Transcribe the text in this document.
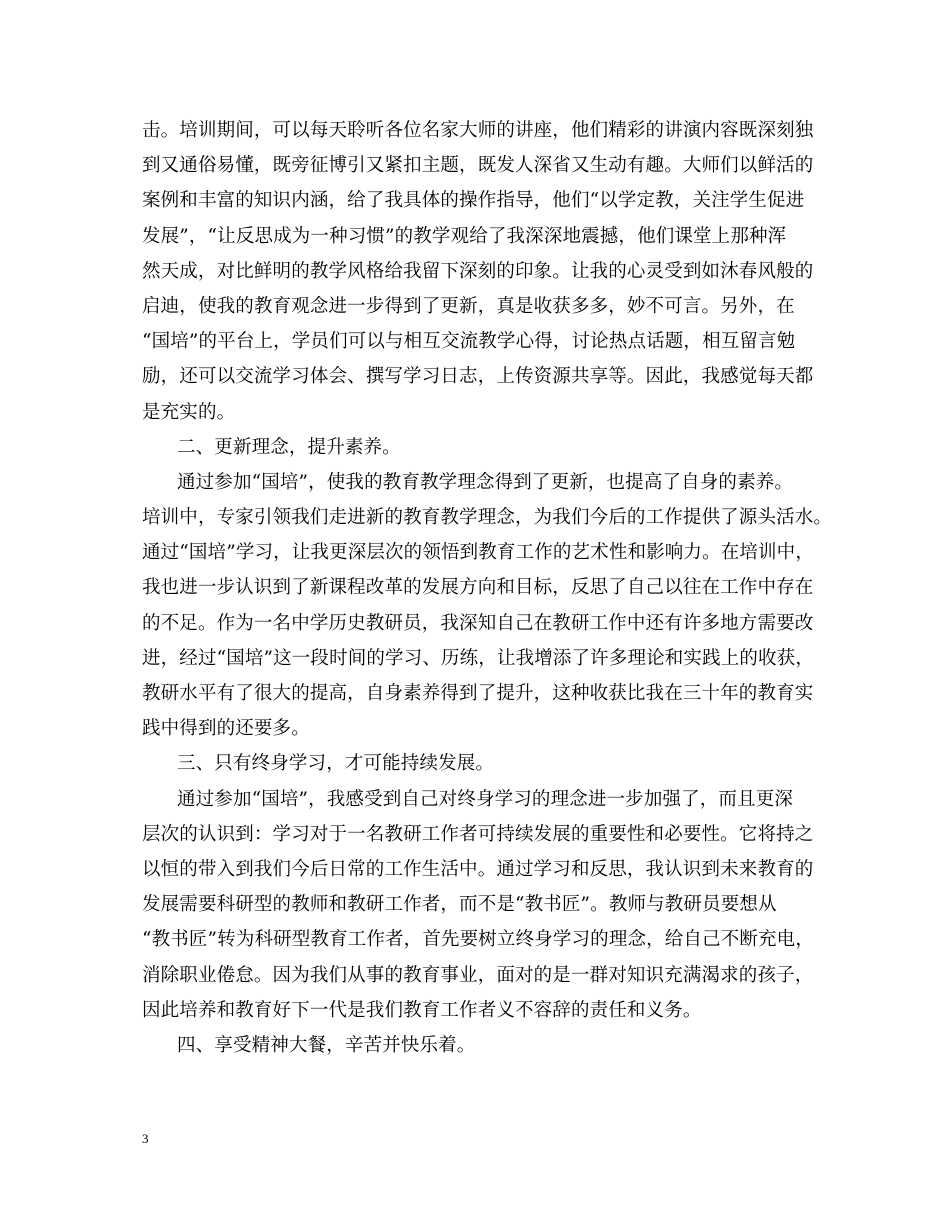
击。培训期间，可以每天聆听各位名家大师的讲座，他们精彩的讲演内容既深刻独
到又通俗易懂，既旁征博引又紧扣主题，既发人深省又生动有趣。大师们以鲜活的
案例和丰富的知识内涵，给了我具体的操作指导，他们“以学定教，关注学生促进
发展”，“让反思成为一种习惯”的教学观给了我深深地震撼，他们课堂上那种浑
然天成，对比鲜明的教学风格给我留下深刻的印象。让我的心灵受到如沐春风般的
启迪，使我的教育观念进一步得到了更新，真是收获多多，妙不可言。另外，在
“国培”的平台上，学员们可以与相互交流教学心得，讨论热点话题，相互留言勉
励，还可以交流学习体会、撰写学习日志，上传资源共享等。因此，我感觉每天都
是充实的。
二、更新理念，提升素养。
通过参加“国培”，使我的教育教学理念得到了更新，也提高了自身的素养。
培训中，专家引领我们走进新的教育教学理念，为我们今后的工作提供了源头活水。
通过“国培”学习，让我更深层次的领悟到教育工作的艺术性和影响力。在培训中，
我也进一步认识到了新课程改革的发展方向和目标，反思了自己以往在工作中存在
的不足。作为一名中学历史教研员，我深知自己在教研工作中还有许多地方需要改
进，经过“国培”这一段时间的学习、历练，让我增添了许多理论和实践上的收获，
教研水平有了很大的提高，自身素养得到了提升，这种收获比我在三十年的教育实
践中得到的还要多。
三、只有终身学习，才可能持续发展。
通过参加“国培”，我感受到自己对终身学习的理念进一步加强了，而且更深
层次的认识到：学习对于一名教研工作者可持续发展的重要性和必要性。它将持之
以恒的带入到我们今后日常的工作生活中。通过学习和反思，我认识到未来教育的
发展需要科研型的教师和教研工作者，而不是“教书匠”。教师与教研员要想从
“教书匠”转为科研型教育工作者，首先要树立终身学习的理念，给自己不断充电，
消除职业倦怠。因为我们从事的教育事业，面对的是一群对知识充满渴求的孩子，
因此培养和教育好下一代是我们教育工作者义不容辞的责任和义务。
四、享受精神大餐，辛苦并快乐着。
3
